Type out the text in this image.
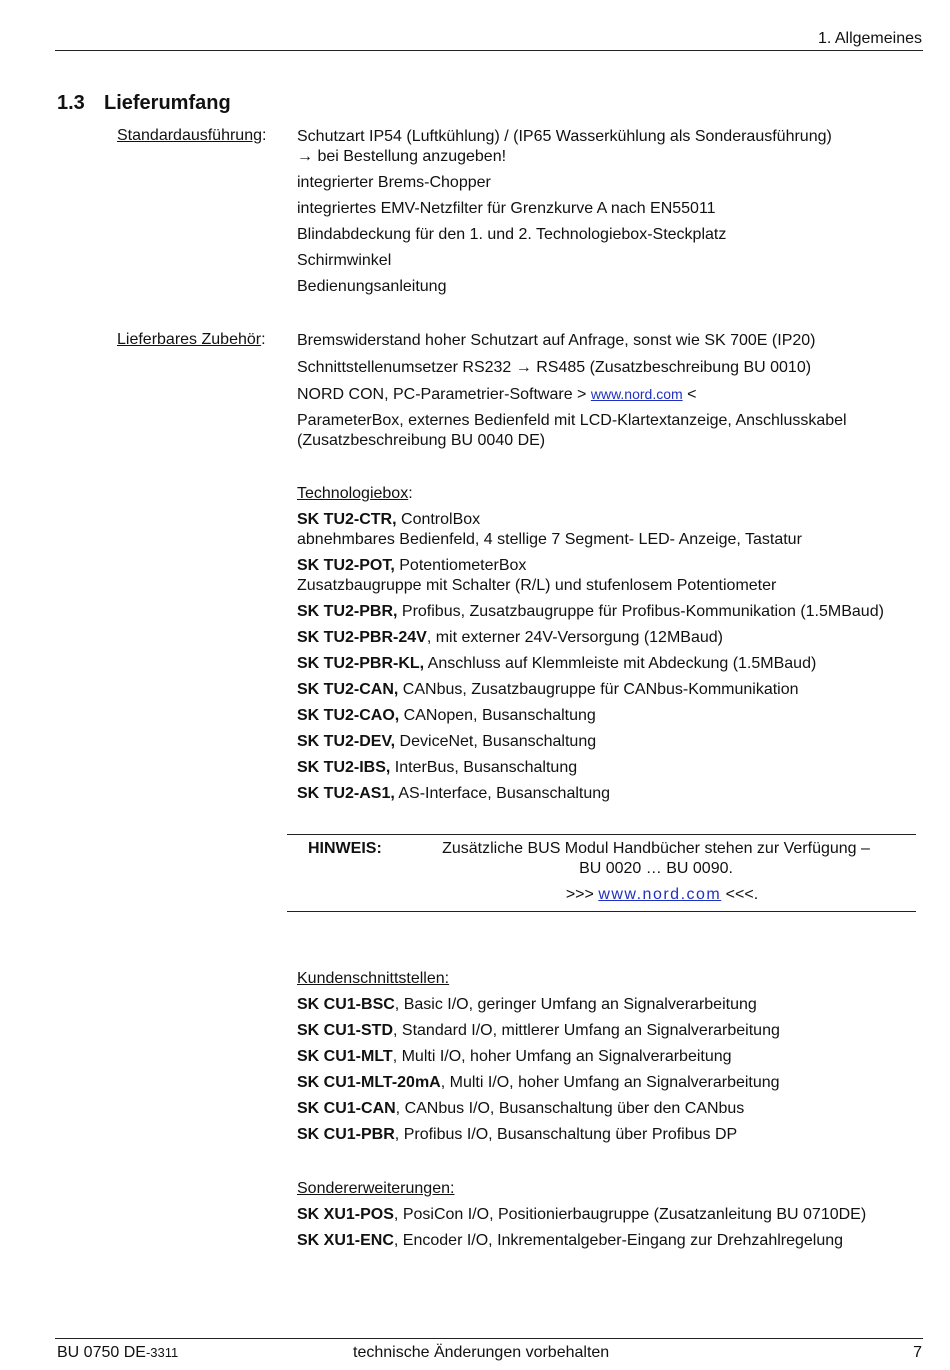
1. Allgemeines
1.3 Lieferumfang
Standardausführung: Schutzart IP54 (Luftkühlung) / (IP65 Wasserkühlung als Sonderausführung)

→ bei Bestellung anzugeben!

integrierter Brems-Chopper

integriertes EMV-Netzfilter für Grenzkurve A nach EN55011

Blindabdeckung für den 1. und 2. Technologiebox-Steckplatz

Schirmwinkel

Bedienungsanleitung

Lieferbares Zubehör: Bremswiderstand hoher Schutzart auf Anfrage, sonst wie SK 700E (IP20)

Schnittstellenumsetzer RS232 → RS485 (Zusatzbeschreibung BU 0010)

NORD CON, PC-Parametrier-Software > www.nord.com <

ParameterBox, externes Bedienfeld mit LCD-Klartextanzeige, Anschlusskabel

(Zusatzbeschreibung BU 0040 DE)

Technologiebox:

SK TU2-CTR, ControlBox

abnehmbares Bedienfeld, 4 stellige 7 Segment- LED- Anzeige, Tastatur

SK TU2-POT, PotentiometerBox

Zusatzbaugruppe mit Schalter (R/L) und stufenlosem Potentiometer

SK TU2-PBR, Profibus, Zusatzbaugruppe für Profibus-Kommunikation (1.5MBaud)

SK TU2-PBR-24V, mit externer 24V-Versorgung (12MBaud)

SK TU2-PBR-KL, Anschluss auf Klemmleiste mit Abdeckung (1.5MBaud)

SK TU2-CAN, CANbus, Zusatzbaugruppe für CANbus-Kommunikation

SK TU2-CAO, CANopen, Busanschaltung

SK TU2-DEV, DeviceNet, Busanschaltung

SK TU2-IBS, InterBus, Busanschaltung

SK TU2-AS1, AS-Interface, Busanschaltung

HINWEIS:	Zusätzliche BUS Modul Handbücher stehen zur Verfügung –
BU 0020 … BU 0090.
>>> www.nord.com <<<.

Kundenschnittstellen:

SK CU1-BSC, Basic I/O, geringer Umfang an Signalverarbeitung

SK CU1-STD, Standard I/O, mittlerer Umfang an Signalverarbeitung

SK CU1-MLT, Multi I/O, hoher Umfang an Signalverarbeitung

SK CU1-MLT-20mA, Multi I/O, hoher Umfang an Signalverarbeitung

SK CU1-CAN, CANbus I/O, Busanschaltung über den CANbus

SK CU1-PBR, Profibus I/O, Busanschaltung über Profibus DP

Sondererweiterungen:

SK XU1-POS, PosiCon I/O, Positionierbaugruppe (Zusatzanleitung BU 0710DE)

SK XU1-ENC, Encoder I/O, Inkrementalgeber-Eingang zur Drehzahlregelung

BU 0750 DE-3311	technische Änderungen vorbehalten	7
